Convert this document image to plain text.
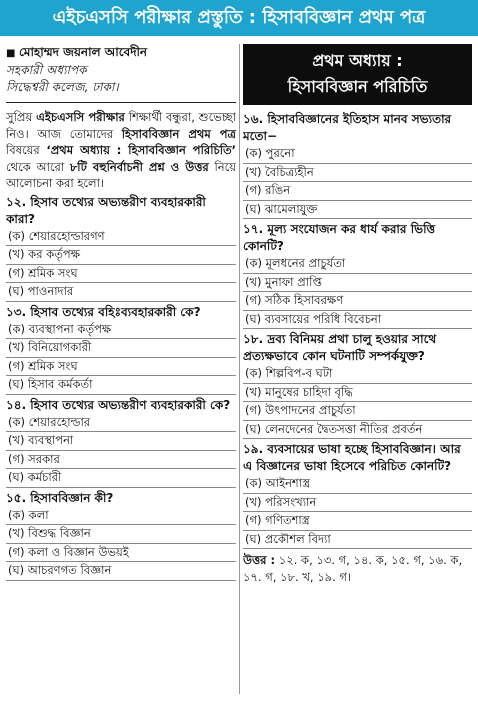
এইচএসসি পরীক্ষার প্রস্তুতি : হিসাববিজ্ঞান প্রথম পত্র
■ মোহাম্মদ জয়নাল আবেদীন
সহকারী অধ্যাপক
সিদ্ধেশ্বরী কলেজ, ঢাকা।
সুপ্রিয় এইচএসসি পরীক্ষার শিক্ষার্থী বন্ধুরা, শুভেচ্ছা নিও। আজ তোমাদের হিসাববিজ্ঞান প্রথম পত্র বিষয়ের ‘প্রথম অধ্যায় : হিসাববিজ্ঞান পরিচিতি’ থেকে আরো ৮টি বহুনির্বাচনী প্রশ্ন ও উত্তর নিয়ে আলোচনা করা হলো।
১২. হিসাব তথ্যের অভ্যন্তরীণ ব্যবহারকারী কারা?
(ক) শেয়ারহোল্ডারগণ
(খ) কর কর্তৃপক্ষ
(গ) শ্রমিক সংঘ
(ঘ) পাওনাদার
১৩. হিসাব তথ্যের বহিঃব্যবহারকারী কে?
(ক) ব্যবস্থাপনা কর্তৃপক্ষ
(খ) বিনিয়োগকারী
(গ) শ্রমিক সংঘ
(ঘ) হিসাব কর্মকর্তা
১৪. হিসাব তথ্যের অভ্যন্তরীণ ব্যবহারকারী কে?
(ক) শেয়ারহোল্ডার
(খ) ব্যবস্থাপনা
(গ) সরকার
(ঘ) কর্মচারী
১৫. হিসাববিজ্ঞান কী?
(ক) কলা
(খ) বিশুদ্ধ বিজ্ঞান
(গ) কলা ও বিজ্ঞান উভয়ই
(ঘ) আচরণগত বিজ্ঞান
প্রথম অধ্যায় :
হিসাববিজ্ঞান পরিচিতি
১৬. হিসাববিজ্ঞানের ইতিহাস মানব সভ্যতার মতো−
(ক) পুরনো
(খ) বৈচিত্র্যহীন
(গ) রঙিন
(ঘ) ঝামেলাযুক্ত
১৭. মূল্য সংযোজন কর ধার্য করার ভিত্তি কোনটি?
(ক) মূলধনের প্রাচুর্যতা
(খ) মুনাফা প্রাপ্তি
(গ) সঠিক হিসাবরক্ষণ
(ঘ) ব্যবসায়ের পরিধি বিবেচনা
১৮. দ্রব্য বিনিময় প্রথা চালু হওয়ার সাথে প্রত্যক্ষভাবে কোন ঘটনাটি সম্পর্কযুক্ত?
(ক) শিল্পবিপ-ব ঘটা
(খ) মানুষের চাহিদা বৃদ্ধি
(গ) উৎপাদনের প্রাচুর্যতা
(ঘ) লেনদেনের দ্বৈতসত্তা নীতির প্রবর্তন
১৯. ব্যবসায়ের ভাষা হচ্ছে হিসাববিজ্ঞান। আর এ বিজ্ঞানের ভাষা হিসেবে পরিচিত কোনটি?
(ক) আইনশাস্ত্র
(খ) পরিসংখ্যান
(গ) গণিতশাস্ত্র
(ঘ) প্রকৌশল বিদ্যা
উত্তর : ১২. ক, ১৩. গ, ১৪. ক, ১৫. গ, ১৬. ক, ১৭. গ, ১৮. খ, ১৯. গ।
